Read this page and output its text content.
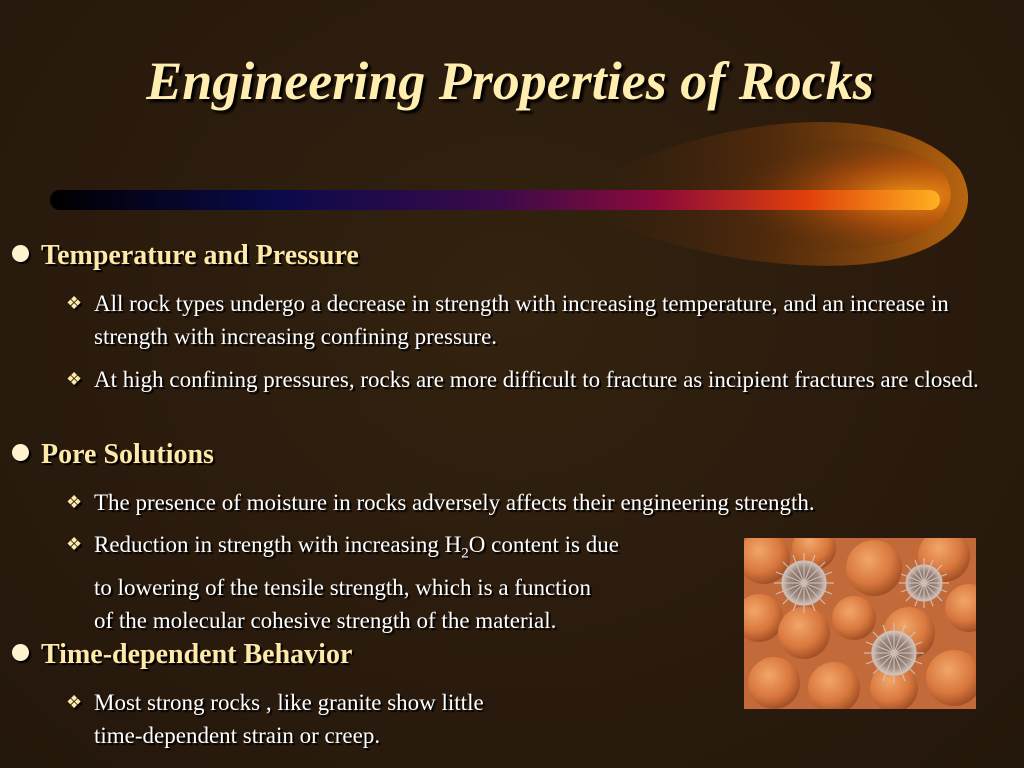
Engineering Properties of Rocks
Temperature and Pressure
❖ All rock types undergo a decrease in strength with increasing temperature, and an increase in strength with increasing confining pressure.
❖ At high confining pressures, rocks are more difficult to fracture as incipient fractures are closed.
Pore Solutions
❖ The presence of moisture in rocks adversely affects their engineering strength.
❖ Reduction in strength with increasing $H_2O$ content is due
to lowering of the tensile strength, which is a function
of the molecular cohesive strength of the material.
Time-dependent Behavior
❖ Most strong rocks , like granite show little
time-dependent strain or creep.
